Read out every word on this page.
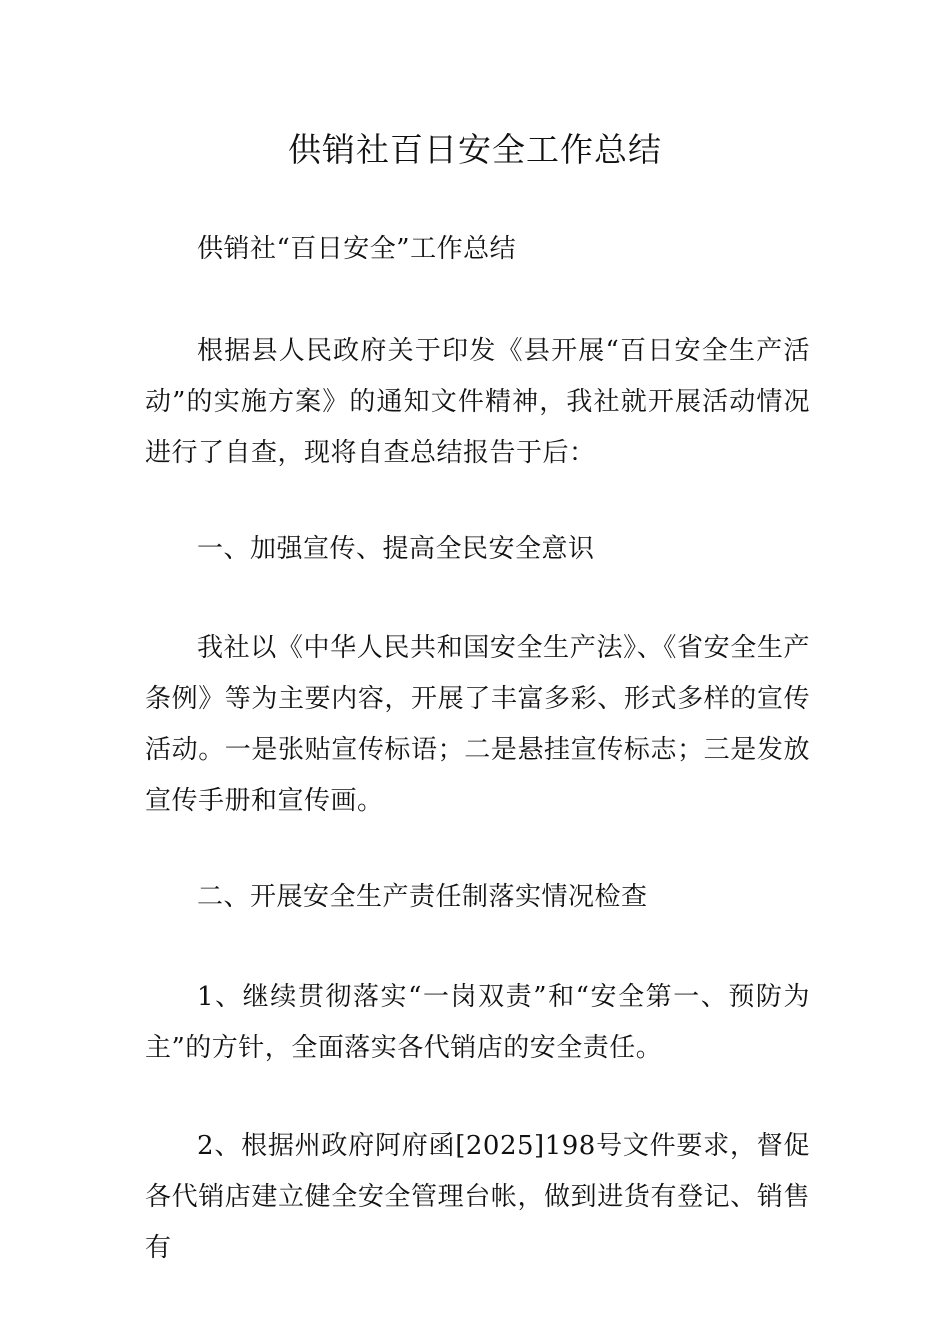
供销社百日安全工作总结

供销社“百日安全”工作总结

根据县人民政府关于印发《县开展“百日安全生产活动”的实施方案》的通知文件精神，我社就开展活动情况进行了自查，现将自查总结报告于后：

一、加强宣传、提高全民安全意识

我社以《中华人民共和国安全生产法》、《省安全生产条例》等为主要内容，开展了丰富多彩、形式多样的宣传活动。一是张贴宣传标语；二是悬挂宣传标志；三是发放宣传手册和宣传画。

二、开展安全生产责任制落实情况检查

1、继续贯彻落实“一岗双责”和“安全第一、预防为主”的方针，全面落实各代销店的安全责任。

2、根据州政府阿府函[2025]198号文件要求，督促各代销店建立健全安全管理台帐，做到进货有登记、销售有
